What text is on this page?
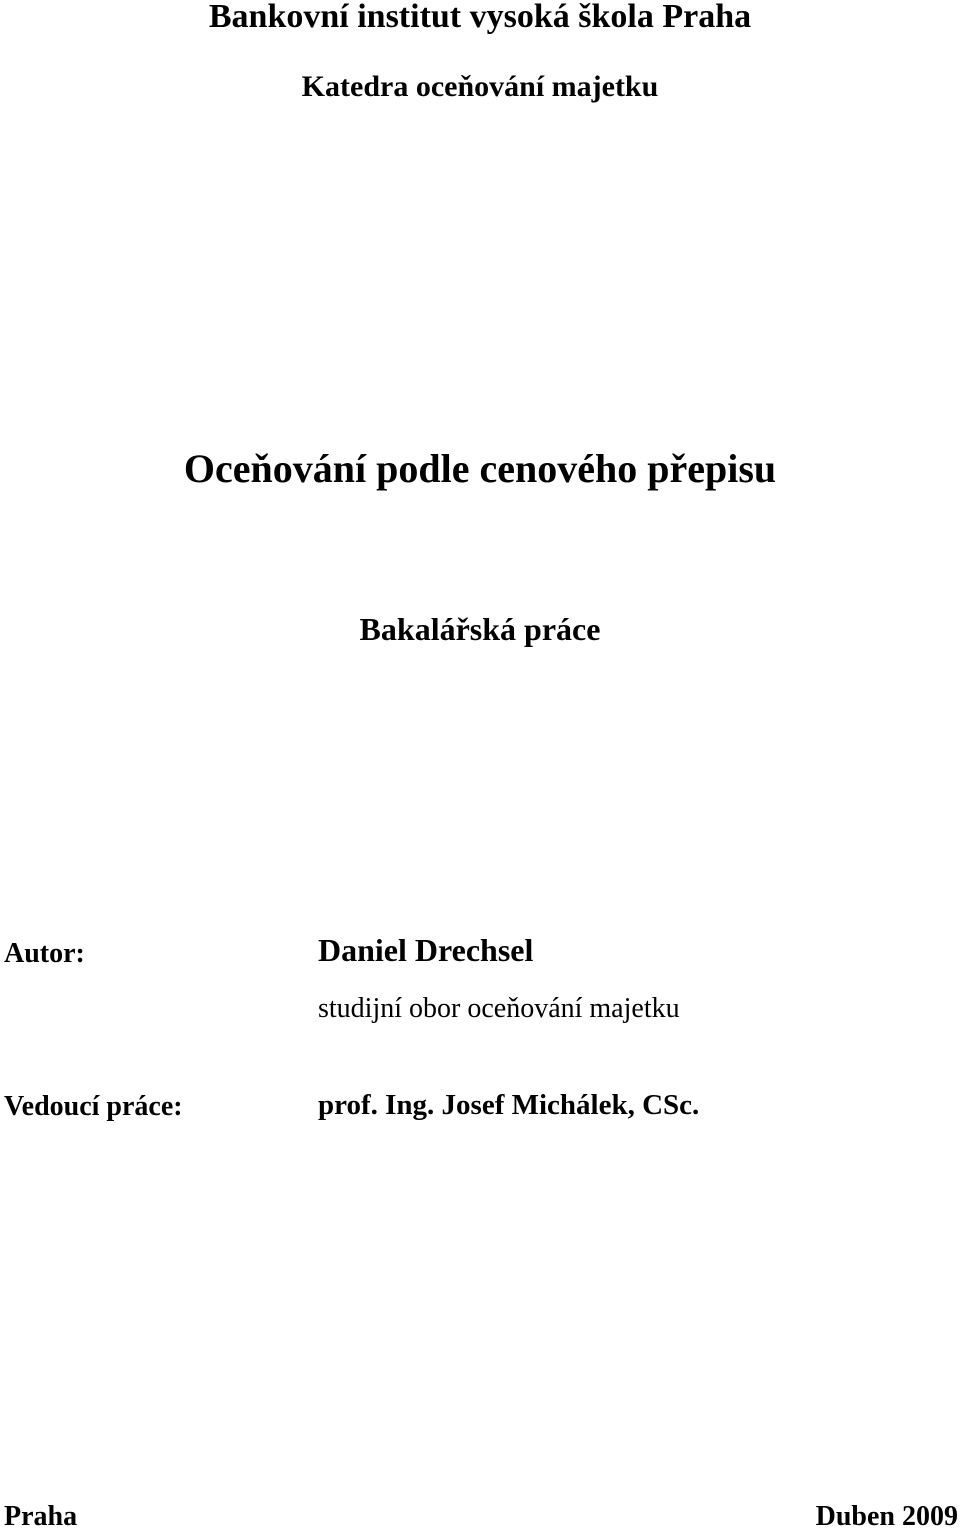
Bankovní institut vysoká škola Praha
Katedra oceňování majetku
Oceňování podle cenového přepisu
Bakalářská práce
Autor:	Daniel Drechsel
studijní obor oceňování majetku
Vedoucí práce:	prof. Ing. Josef Michálek, CSc.
Praha	Duben 2009
